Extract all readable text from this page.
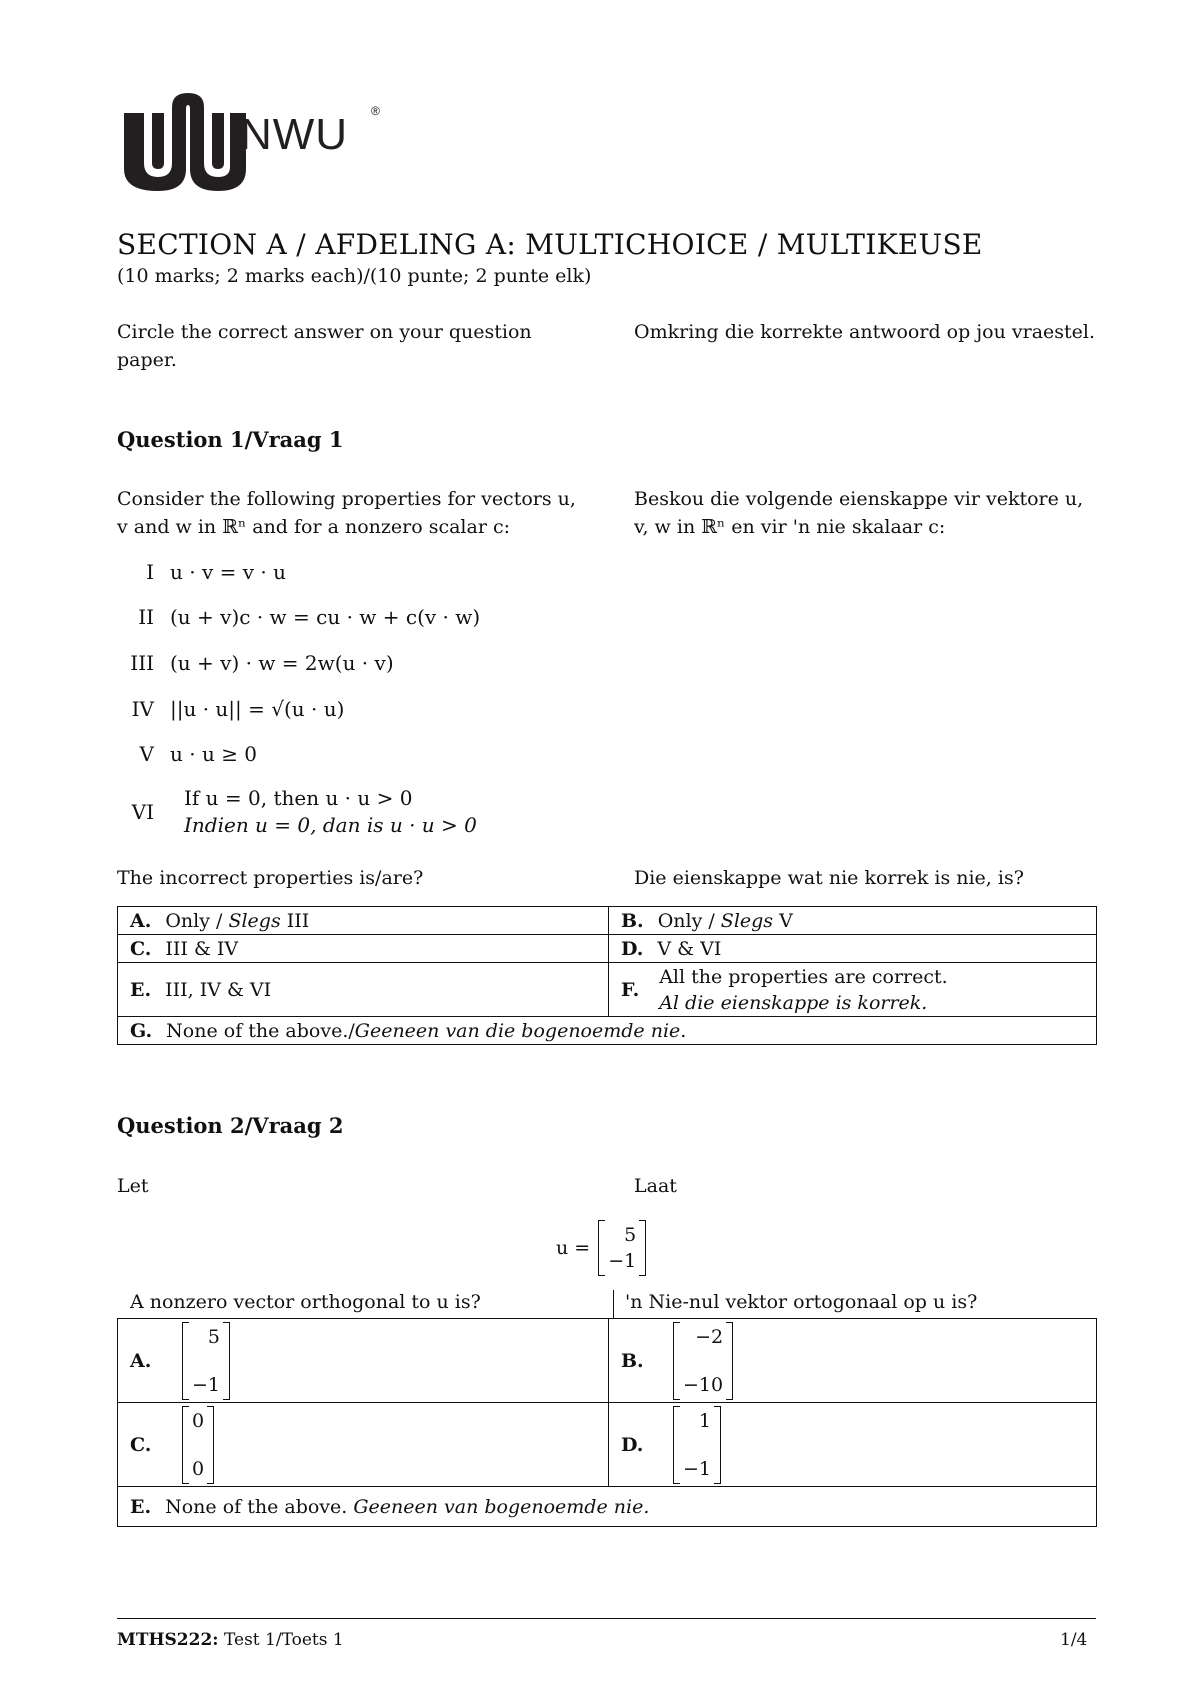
NWU ®
SECTION A / AFDELING A: MULTICHOICE / MULTIKEUSE
(10 marks; 2 marks each)/(10 punte; 2 punte elk)
Circle the correct answer on your question paper.
Omkring die korrekte antwoord op jou vraestel.
Question 1/Vraag 1
Consider the following properties for vectors u, v and w in ℝⁿ and for a nonzero scalar c:
Beskou die volgende eienskappe vir vektore u, v, w in ℝⁿ en vir 'n nie skalaar c:
I u · v = v · u
II (u + v)c · w = cu · w + c(v · w)
III (u + v) · w = 2w(u · v)
IV ||u · u|| = √(u · u)
V u · u ≥ 0
VI
If u = 0, then u · u > 0
Indien u = 0, dan is u · u > 0
The incorrect properties is/are?	Die eienskappe wat nie korrek is nie, is?
A. Only / Slegs III	B. Only / Slegs V
C. III & IV	D. V & VI
E. III, IV & VI	F.
All the properties are correct.
Al die eienskappe is korrek.

G. None of the above./Geeneen van die bogenoemde nie.	
Question 2/Vraag 2
Let	Laat
u =
5
−1
A nonzero vector orthogonal to u is?	'n Nie-nul vektor ortogonaal op u is?
A.
5
−1	B.
−2
−10

C.
0
0	D.
1
−1

E. None of the above. Geeneen van bogenoemde nie.	
MTHS222: Test 1/Toets 1	1/4
